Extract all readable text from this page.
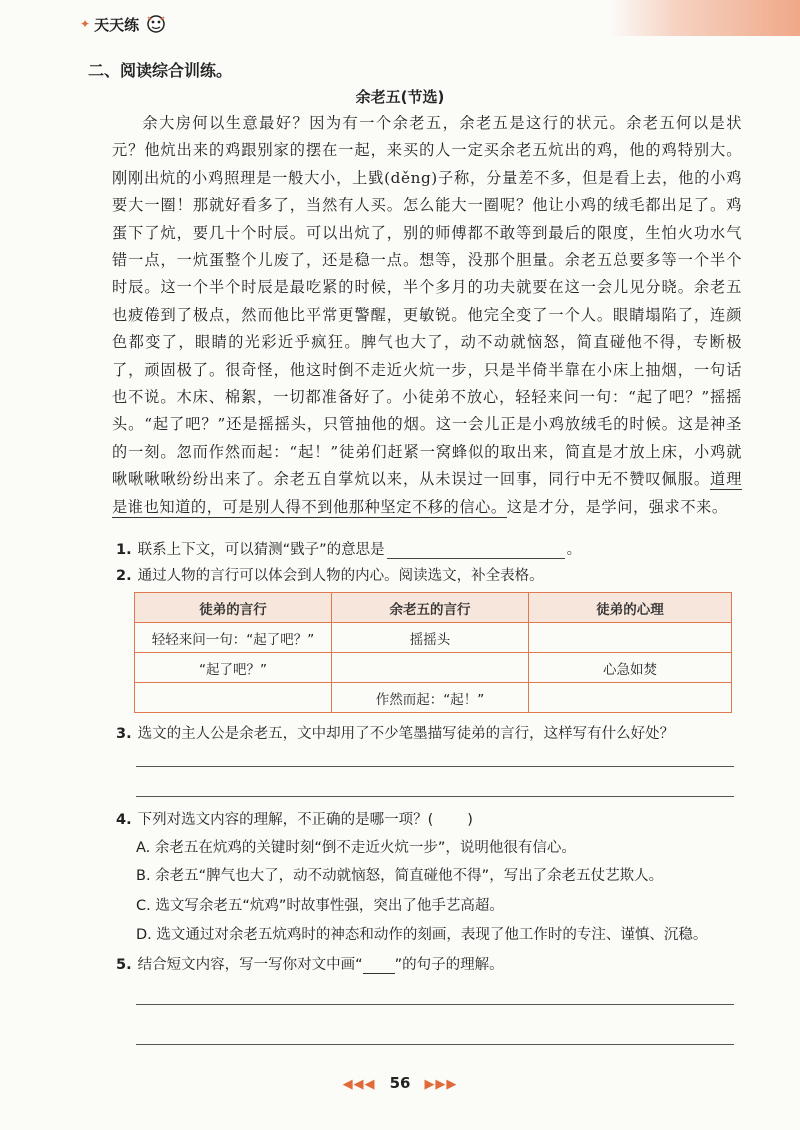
✦ 天天练
二、阅读综合训练。
余老五(节选)

余大房何以生意最好？因为有一个余老五，余老五是这行的状元。余老五何以是状元？他炕出来的鸡跟别家的摆在一起，来买的人一定买余老五炕出的鸡，他的鸡特别大。刚刚出炕的小鸡照理是一般大小，上戥(děng)子称，分量差不多，但是看上去，他的小鸡要大一圈！那就好看多了，当然有人买。怎么能大一圈呢？他让小鸡的绒毛都出足了。鸡蛋下了炕，要几十个时辰。可以出炕了，别的师傅都不敢等到最后的限度，生怕火功水气错一点，一炕蛋整个儿废了，还是稳一点。想等，没那个胆量。余老五总要多等一个半个时辰。这一个半个时辰是最吃紧的时候，半个多月的功夫就要在这一会儿见分晓。余老五也疲倦到了极点，然而他比平常更警醒，更敏锐。他完全变了一个人。眼睛塌陷了，连颜色都变了，眼睛的光彩近乎疯狂。脾气也大了，动不动就恼怒，简直碰他不得，专断极了，顽固极了。很奇怪，他这时倒不走近火炕一步，只是半倚半靠在小床上抽烟，一句话也不说。木床、棉絮，一切都准备好了。小徒弟不放心，轻轻来问一句：“起了吧？”摇摇头。“起了吧？”还是摇摇头，只管抽他的烟。这一会儿正是小鸡放绒毛的时候。这是神圣的一刻。忽而作然而起：“起！”徒弟们赶紧一窝蜂似的取出来，简直是才放上床，小鸡就啾啾啾啾纷纷出来了。余老五自掌炕以来，从未误过一回事，同行中无不赞叹佩服。道理是谁也知道的，可是别人得不到他那种坚定不移的信心。这是才分，是学问，强求不来。

1. 联系上下文，可以猜测“戥子”的意思是	。
2. 通过人物的言行可以体会到人物的内心。阅读选文，补全表格。
徒弟的言行	余老五的言行	徒弟的心理
轻轻来问一句：“起了吧？”	摇摇头	
“起了吧？”		心急如焚
	作然而起：“起！”	
3. 选文的主人公是余老五，文中却用了不少笔墨描写徒弟的言行，这样写有什么好处？
4. 下列对选文内容的理解，不正确的是哪一项？( )
A. 余老五在炕鸡的关键时刻“倒不走近火炕一步”，说明他很有信心。
B. 余老五“脾气也大了，动不动就恼怒，简直碰他不得”，写出了余老五仗艺欺人。
C. 选文写余老五“炕鸡”时故事性强，突出了他手艺高超。
D. 选文通过对余老五炕鸡时的神态和动作的刻画，表现了他工作时的专注、谨慎、沉稳。
5. 结合短文内容，写一写你对文中画“ ”的句子的理解。
◀◀◀ 56 ▶▶▶
